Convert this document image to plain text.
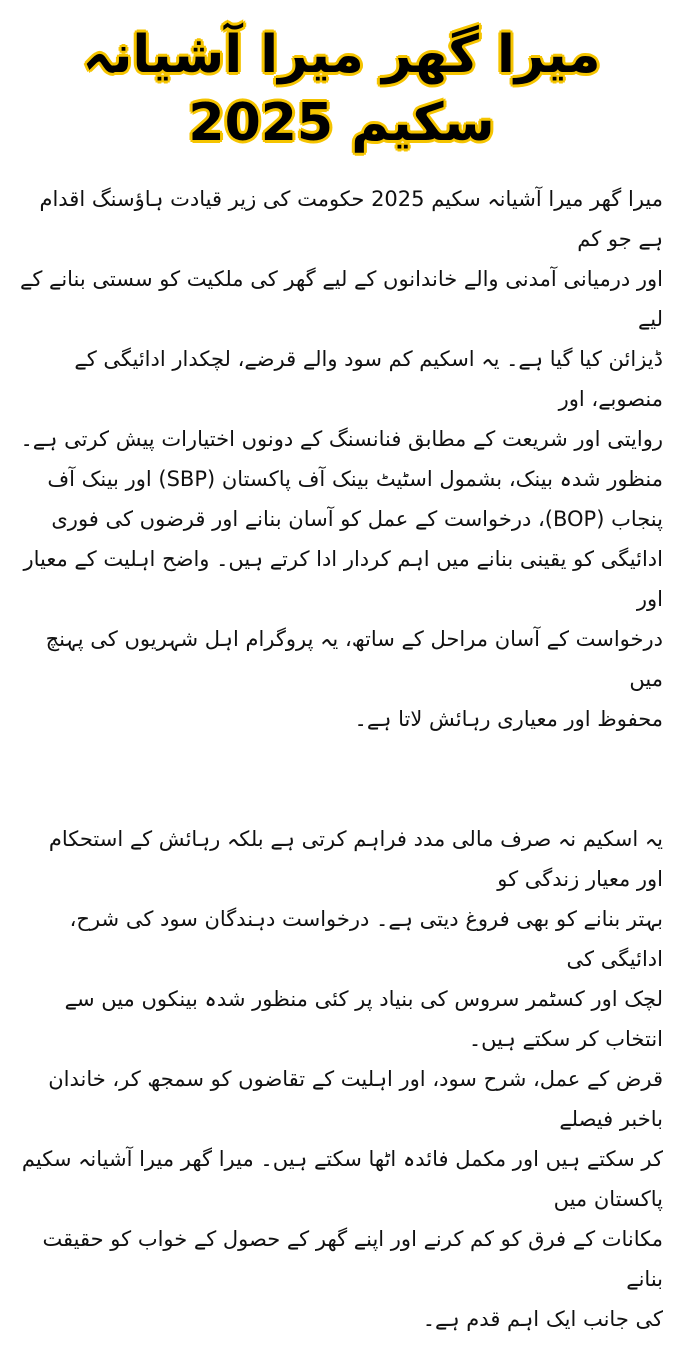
میرا گھر میرا آشیانہ سکیم 2025
میرا گھر میرا آشیانہ سکیم 2025 حکومت کی زیر قیادت ہاؤسنگ اقدام ہے جو کم
اور درمیانی آمدنی والے خاندانوں کے لیے گھر کی ملکیت کو سستی بنانے کے لیے
ڈیزائن کیا گیا ہے۔ یہ اسکیم کم سود والے قرضے، لچکدار ادائیگی کے منصوبے، اور
روایتی اور شریعت کے مطابق فنانسنگ کے دونوں اختیارات پیش کرتی ہے۔
منظور شدہ بینک، بشمول اسٹیٹ بینک آف پاکستان (SBP) اور بینک آف
پنجاب (BOP)، درخواست کے عمل کو آسان بنانے اور قرضوں کی فوری
ادائیگی کو یقینی بنانے میں اہم کردار ادا کرتے ہیں۔ واضح اہلیت کے معیار اور
درخواست کے آسان مراحل کے ساتھ، یہ پروگرام اہل شہریوں کی پہنچ میں
محفوظ اور معیاری رہائش لاتا ہے۔
یہ اسکیم نہ صرف مالی مدد فراہم کرتی ہے بلکہ رہائش کے استحکام اور معیار زندگی کو
بہتر بنانے کو بھی فروغ دیتی ہے۔ درخواست دہندگان سود کی شرح، ادائیگی کی
لچک اور کسٹمر سروس کی بنیاد پر کئی منظور شدہ بینکوں میں سے انتخاب کر سکتے ہیں۔
قرض کے عمل، شرح سود، اور اہلیت کے تقاضوں کو سمجھ کر، خاندان باخبر فیصلے
کر سکتے ہیں اور مکمل فائدہ اٹھا سکتے ہیں۔ میرا گھر میرا آشیانہ سکیم پاکستان میں
مکانات کے فرق کو کم کرنے اور اپنے گھر کے حصول کے خواب کو حقیقت بنانے
کی جانب ایک اہم قدم ہے۔
